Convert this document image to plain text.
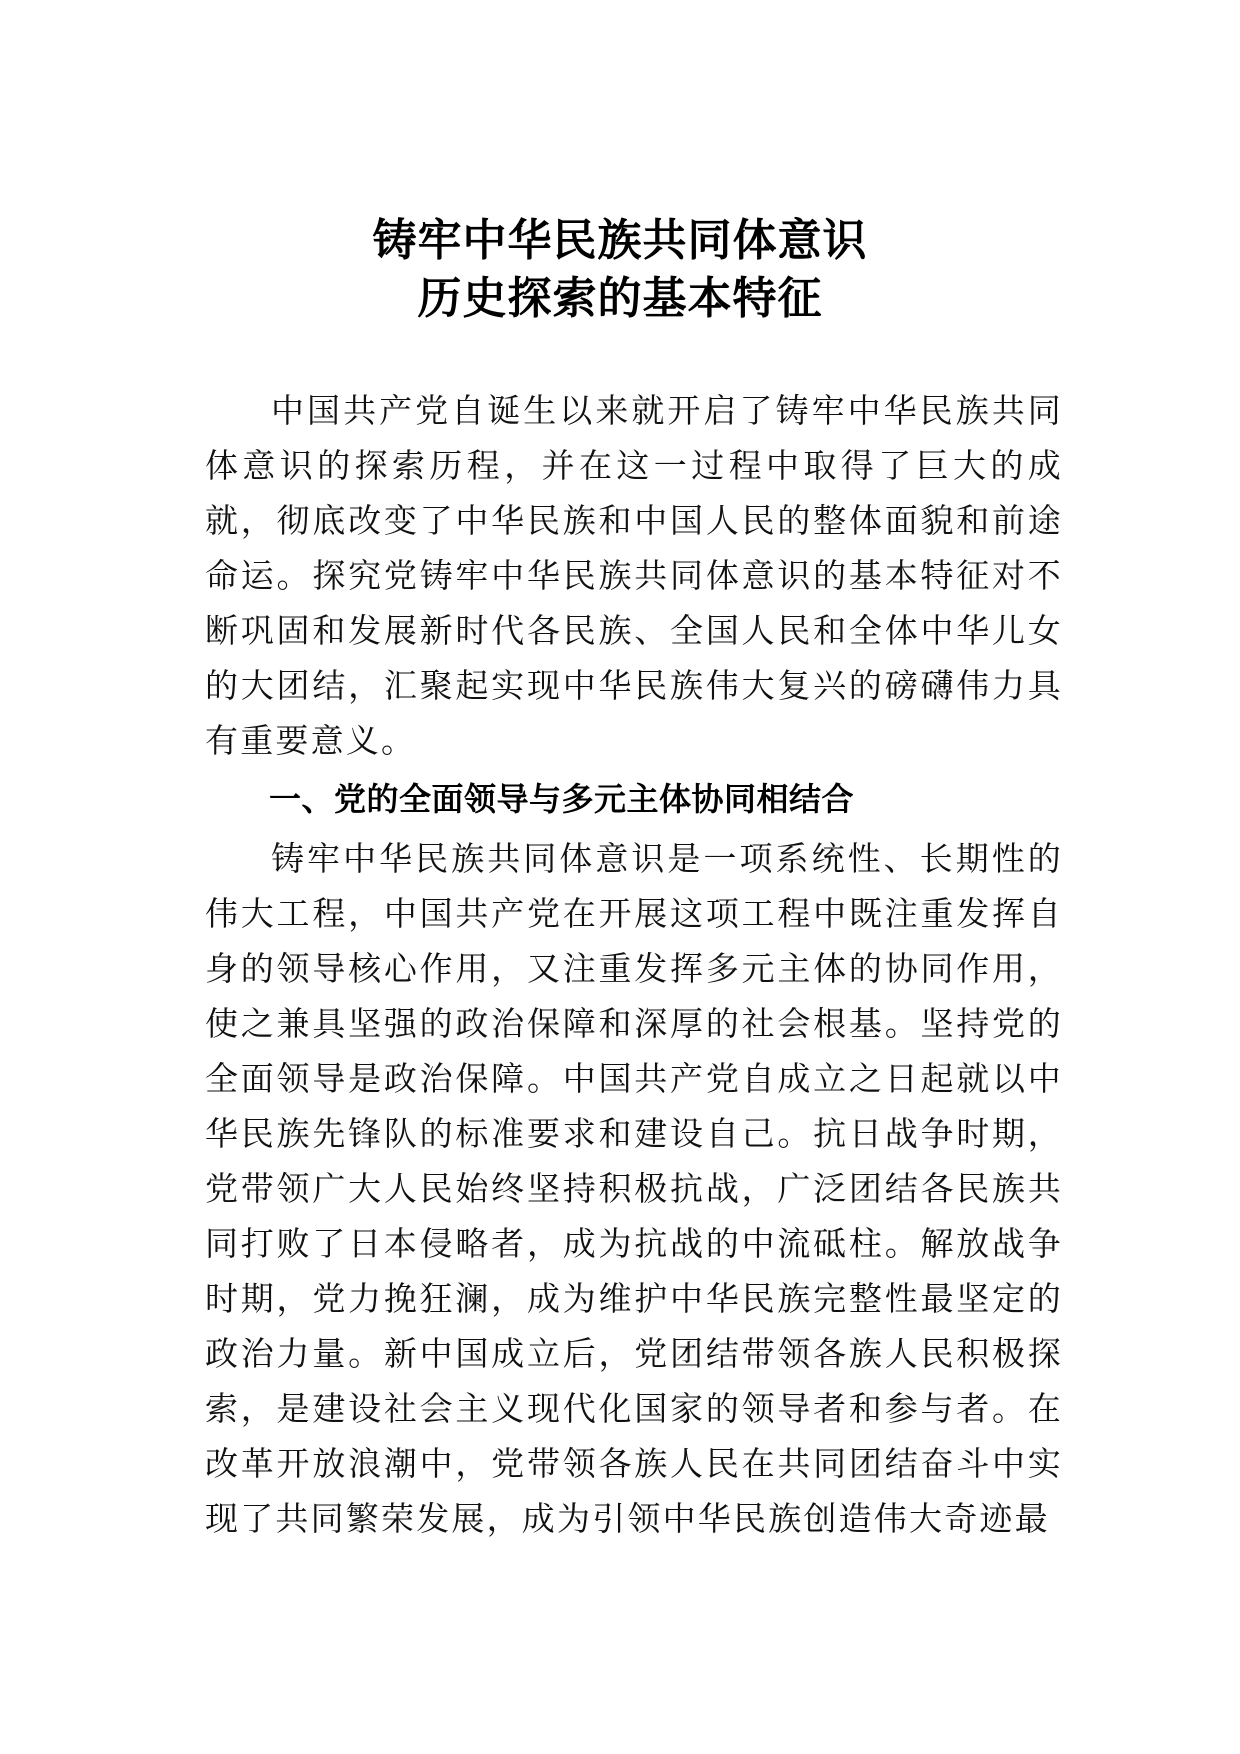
铸牢中华民族共同体意识
历史探索的基本特征

中国共产党自诞生以来就开启了铸牢中华民族共同体意识的探索历程，并在这一过程中取得了巨大的成就，彻底改变了中华民族和中国人民的整体面貌和前途命运。探究党铸牢中华民族共同体意识的基本特征对不断巩固和发展新时代各民族、全国人民和全体中华儿女的大团结，汇聚起实现中华民族伟大复兴的磅礴伟力具有重要意义。

一、党的全面领导与多元主体协同相结合

铸牢中华民族共同体意识是一项系统性、长期性的伟大工程，中国共产党在开展这项工程中既注重发挥自身的领导核心作用，又注重发挥多元主体的协同作用，使之兼具坚强的政治保障和深厚的社会根基。坚持党的全面领导是政治保障。中国共产党自成立之日起就以中华民族先锋队的标准要求和建设自己。抗日战争时期，党带领广大人民始终坚持积极抗战，广泛团结各民族共同打败了日本侵略者，成为抗战的中流砥柱。解放战争时期，党力挽狂澜，成为维护中华民族完整性最坚定的政治力量。新中国成立后，党团结带领各族人民积极探索，是建设社会主义现代化国家的领导者和参与者。在改革开放浪潮中，党带领各族人民在共同团结奋斗中实现了共同繁荣发展，成为引领中华民族创造伟大奇迹最
